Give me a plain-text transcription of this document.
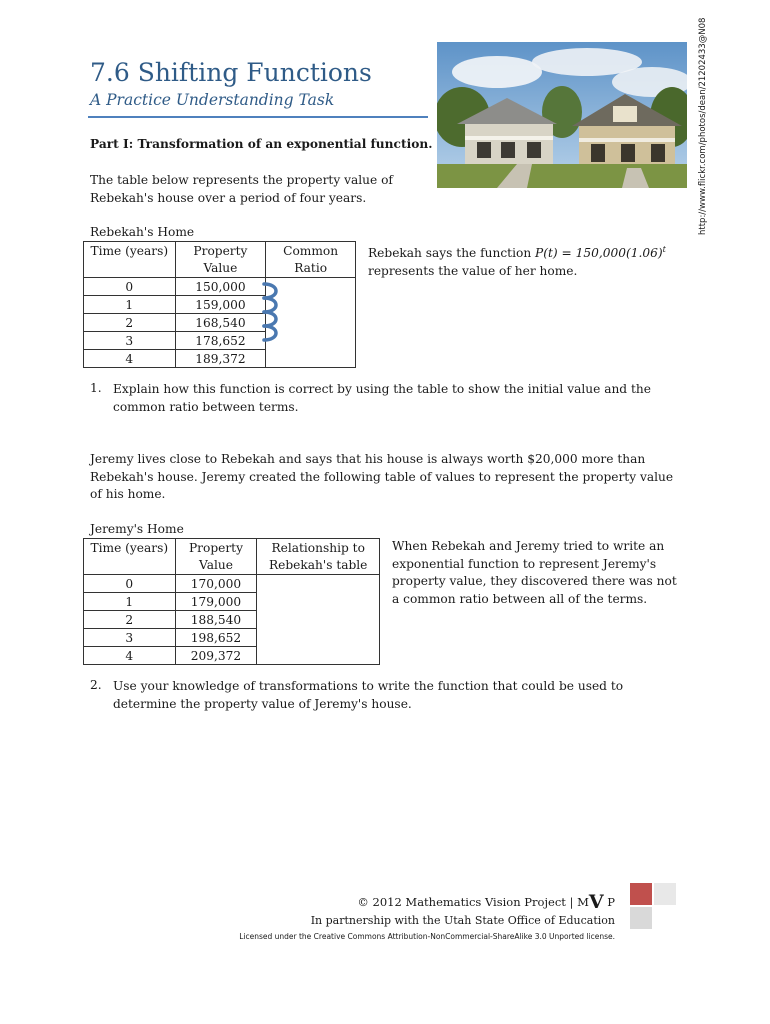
7.6 Shifting Functions
A Practice Understanding Task	http://www.flickr.com/photos/dean/21202433@N08
Part I: Transformation of an exponential function.
The table below represents the property value of Rebekah's house over a period of four years.
Rebekah's Home
Time (years)	Property Value	Common Ratio
0	150,000	
1	159,000	
2	168,540	
3	178,652	
4	189,372	
Rebekah says the function $P(t) = 150,000(1.06)^t$
represents the value of her home.
1. Explain how this function is correct by using the table to show the initial value and the common ratio between terms.
Jeremy lives close to Rebekah and says that his house is always worth $20,000 more than Rebekah's house. Jeremy created the following table of values to represent the property value of his home.
Jeremy's Home
Time (years)	Property Value	Relationship to Rebekah's table
0	170,000	
1	179,000	
2	188,540	
3	198,652	
4	209,372	
When Rebekah and Jeremy tried to write an exponential function to represent Jeremy's property value, they discovered there was not a common ratio between all of the terms.
2. Use your knowledge of transformations to write the function that could be used to determine the property value of Jeremy's house.
© 2012 Mathematics Vision Project | MV P
In partnership with the Utah State Office of Education
Licensed under the Creative Commons Attribution-NonCommercial-ShareAlike 3.0 Unported license.
